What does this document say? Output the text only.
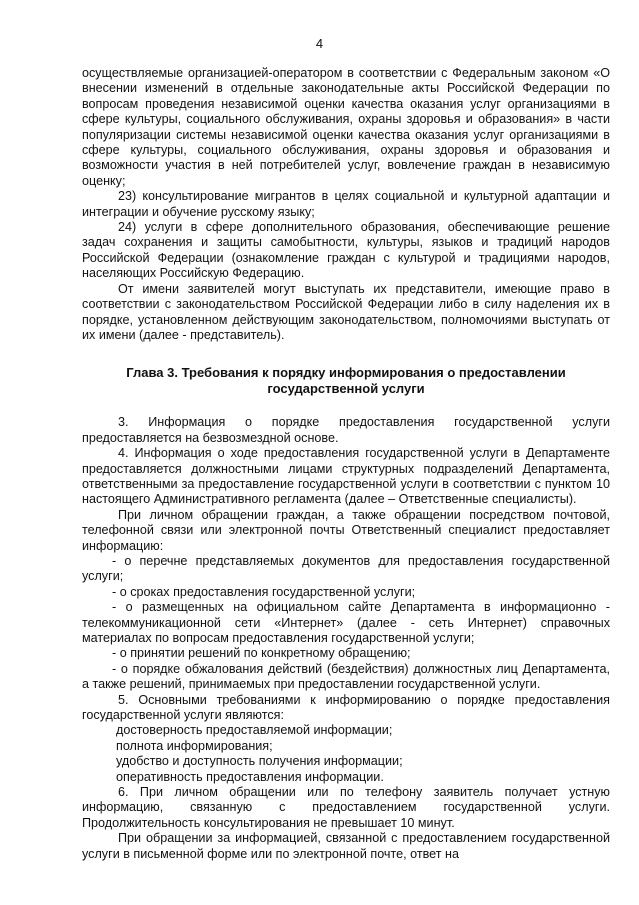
4

осуществляемые организацией-оператором в соответствии с Федеральным законом «О внесении изменений в отдельные законодательные акты Российской Федерации по вопросам проведения независимой оценки качества оказания услуг организациями в сфере культуры, социального обслуживания, охраны здоровья и образования» в части популяризации системы независимой оценки качества оказания услуг организациями в сфере культуры, социального обслуживания, охраны здоровья и образования и возможности участия в ней потребителей услуг, вовлечение граждан в независимую оценку;

23) консультирование мигрантов в целях социальной и культурной адаптации и интеграции и обучение русскому языку;

24) услуги в сфере дополнительного образования, обеспечивающие решение задач сохранения и защиты самобытности, культуры, языков и традиций народов Российской Федерации (ознакомление граждан с культурой и традициями народов, населяющих Российскую Федерацию.

От имени заявителей могут выступать их представители, имеющие право в соответствии с законодательством Российской Федерации либо в силу наделения их в порядке, установленном действующим законодательством, полномочиями выступать от их имени (далее - представитель).

Глава 3. Требования к порядку информирования о предоставлении
государственной услуги

3. Информация о порядке предоставления государственной услуги предоставляется на безвозмездной основе.

4. Информация о ходе предоставления государственной услуги в Департаменте предоставляется должностными лицами структурных подразделений Департамента, ответственными за предоставление государственной услуги в соответствии с пунктом 10 настоящего Административного регламента (далее – Ответственные специалисты).

При личном обращении граждан, а также обращении посредством почтовой, телефонной связи или электронной почты Ответственный специалист предоставляет информацию:

- о перечне представляемых документов для предоставления государственной услуги;

- о сроках предоставления государственной услуги;

- о размещенных на официальном сайте Департамента в информационно - телекоммуникационной сети «Интернет» (далее - сеть Интернет) справочных материалах по вопросам предоставления государственной услуги;

- о принятии решений по конкретному обращению;

- о порядке обжалования действий (бездействия) должностных лиц Департамента, а также решений, принимаемых при предоставлении государственной услуги.

5. Основными требованиями к информированию о порядке предоставления государственной услуги являются:

достоверность предоставляемой информации;

полнота информирования;

удобство и доступность получения информации;

оперативность предоставления информации.

6. При личном обращении или по телефону заявитель получает устную информацию, связанную с предоставлением государственной услуги. Продолжительность консультирования не превышает 10 минут.

При обращении за информацией, связанной с предоставлением государственной услуги в письменной форме или по электронной почте, ответ на
